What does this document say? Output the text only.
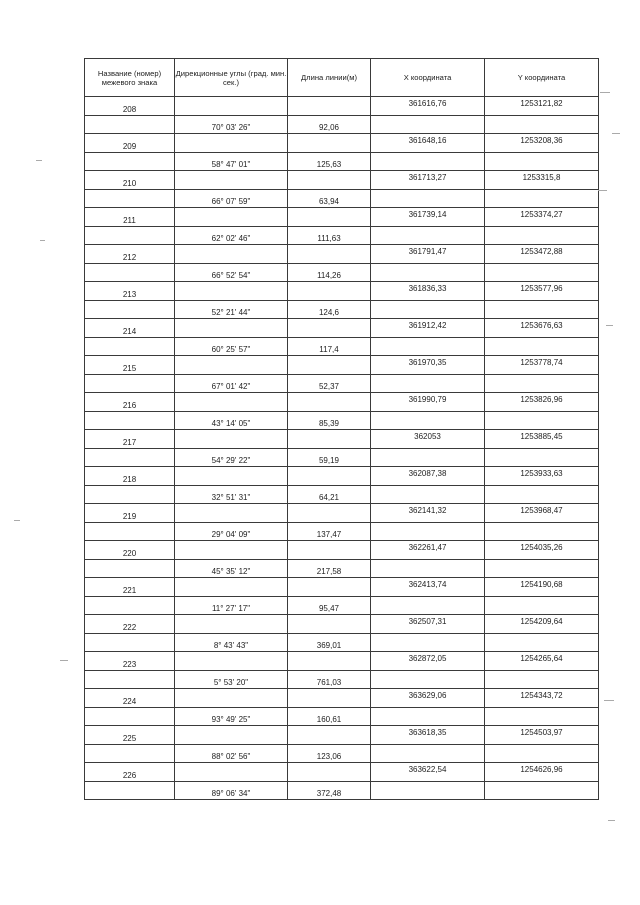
Название (номер) межевого знака	Дирекционные углы (град. мин. сек.)	Длина линии(м)	X координата	Y координата
208			361616,76	1253121,82
	70° 03' 26"	92,06		
209			361648,16	1253208,36
	58° 47' 01"	125,63		
210			361713,27	1253315,8
	66° 07' 59"	63,94		
211			361739,14	1253374,27
	62° 02' 46"	111,63		
212			361791,47	1253472,88
	66° 52' 54"	114,26		
213			361836,33	1253577,96
	52° 21' 44"	124,6		
214			361912,42	1253676,63
	60° 25' 57"	117,4		
215			361970,35	1253778,74
	67° 01' 42"	52,37		
216			361990,79	1253826,96
	43° 14' 05"	85,39		
217			362053	1253885,45
	54° 29' 22"	59,19		
218			362087,38	1253933,63
	32° 51' 31"	64,21		
219			362141,32	1253968,47
	29° 04' 09"	137,47		
220			362261,47	1254035,26
	45° 35' 12"	217,58		
221			362413,74	1254190,68
	11° 27' 17"	95,47		
222			362507,31	1254209,64
	8° 43' 43"	369,01		
223			362872,05	1254265,64
	5° 53' 20"	761,03		
224			363629,06	1254343,72
	93° 49' 25"	160,61		
225			363618,35	1254503,97
	88° 02' 56"	123,06		
226			363622,54	1254626,96
	89° 06' 34"	372,48		
